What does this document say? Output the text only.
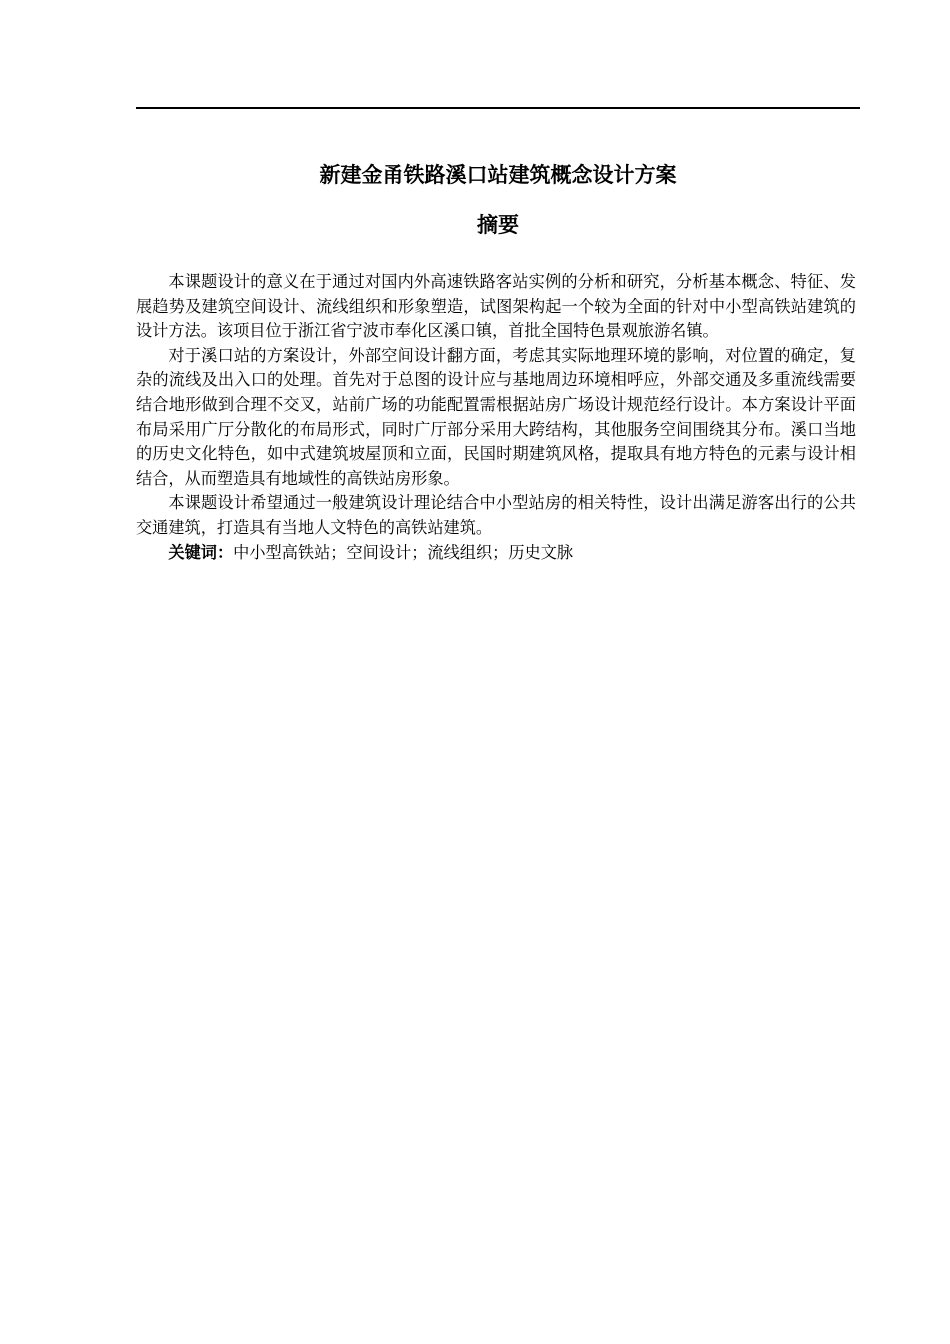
新建金甬铁路溪口站建筑概念设计方案
摘要

本课题设计的意义在于通过对国内外高速铁路客站实例的分析和研究，分析基本概念、特征、发展趋势及建筑空间设计、流线组织和形象塑造，试图架构起一个较为全面的针对中小型高铁站建筑的设计方法。该项目位于浙江省宁波市奉化区溪口镇，首批全国特色景观旅游名镇。

对于溪口站的方案设计，外部空间设计翻方面，考虑其实际地理环境的影响，对位置的确定，复杂的流线及出入口的处理。首先对于总图的设计应与基地周边环境相呼应，外部交通及多重流线需要结合地形做到合理不交叉，站前广场的功能配置需根据站房广场设计规范经行设计。本方案设计平面布局采用广厅分散化的布局形式，同时广厅部分采用大跨结构，其他服务空间围绕其分布。溪口当地的历史文化特色，如中式建筑坡屋顶和立面，民国时期建筑风格，提取具有地方特色的元素与设计相结合，从而塑造具有地域性的高铁站房形象。

本课题设计希望通过一般建筑设计理论结合中小型站房的相关特性，设计出满足游客出行的公共交通建筑，打造具有当地人文特色的高铁站建筑。

关键词：中小型高铁站；空间设计；流线组织；历史文脉
